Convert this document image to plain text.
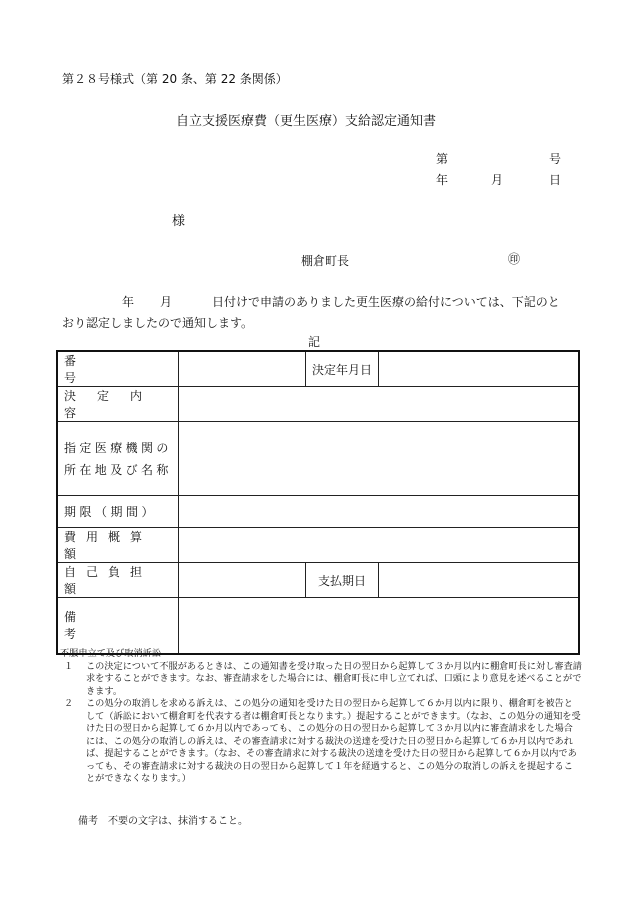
第２８号様式（第 20 条、第 22 条関係）
自立支援医療費（更生医療）支給認定通知書
第	号
年	月	日
様
棚倉町長	㊞
年 月	日付けで申請のありました更生医療の給付については、下記のと
おり認定しましたので通知します。
記
番号		決定年月日	
決定内容			

指定医療機関の
所在地及び名称			

期限（期間）			
費用概算額			
自己負担額		支払期日	
備考			
不服申立て及び取消訴訟
１	この決定について不服があるときは、この通知書を受け取った日の翌日から起算して３か月以内に棚倉町長に対し審査請求をすることができます。なお、審査請求をした場合には、棚倉町長に申し立てれば、口頭により意見を述べることができます。
２	この処分の取消しを求める訴えは、この処分の通知を受けた日の翌日から起算して６か月以内に限り、棚倉町を被告として（訴訟において棚倉町を代表する者は棚倉町長となります。）提起することができます。（なお、この処分の通知を受けた日の翌日から起算して６か月以内であっても、この処分の日の翌日から起算して３か月以内に審査請求をした場合には、この処分の取消しの訴えは、その審査請求に対する裁決の送達を受けた日の翌日から起算して６か月以内であれば、提起することができます。（なお、その審査請求に対する裁決の送達を受けた日の翌日から起算して６か月以内であっても、その審査請求に対する裁決の日の翌日から起算して１年を経過すると、この処分の取消しの訴えを提起することができなくなります。）
備考　不要の文字は、抹消すること。
